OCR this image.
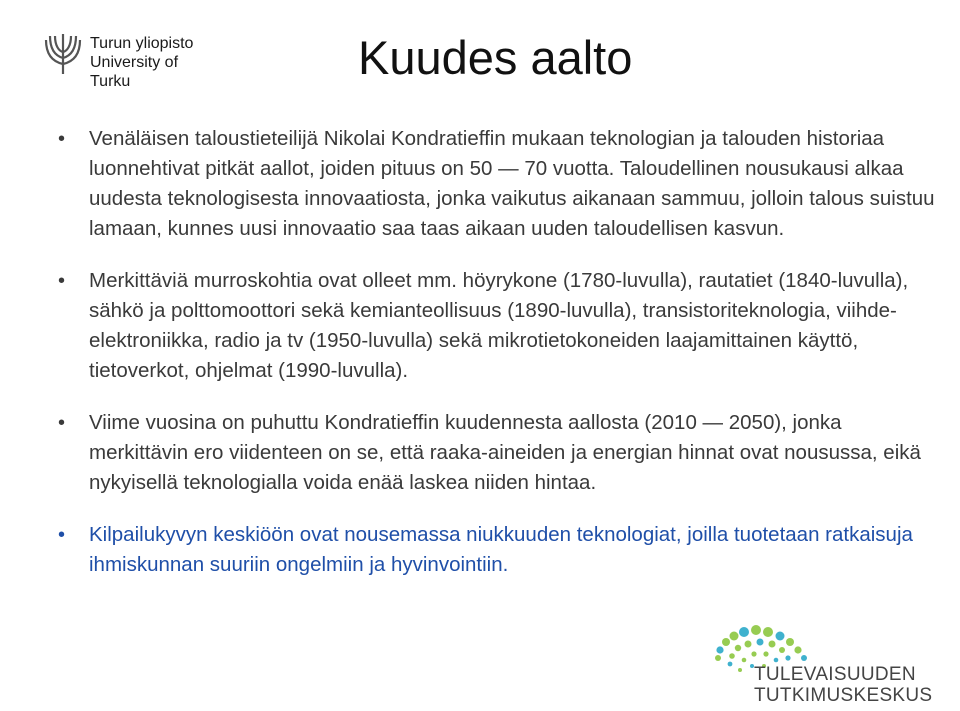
Turun yliopisto
University of Turku	Kuudes aalto
• Venäläisen taloustieteilijä Nikolai Kondratieffin mukaan teknologian ja talouden historiaa luonnehtivat pitkät aallot, joiden pituus on 50 — 70 vuotta. Taloudellinen nousukausi alkaa uudesta teknologisesta innovaatiosta, jonka vaikutus aikanaan sammuu, jolloin talous suistuu lamaan, kunnes uusi innovaatio saa taas aikaan uuden taloudellisen kasvun.
• Merkittäviä murroskohtia ovat olleet mm. höyrykone (1780-luvulla), rautatiet (1840-luvulla), sähkö ja polttomoottori sekä kemianteollisuus (1890-luvulla), transistoriteknologia, viihde-elektroniikka, radio ja tv (1950-luvulla) sekä mikrotietokoneiden laajamittainen käyttö, tietoverkot, ohjelmat (1990-luvulla).
• Viime vuosina on puhuttu Kondratieffin kuudennesta aallosta (2010 — 2050), jonka merkittävin ero viidenteen on se, että raaka-aineiden ja energian hinnat ovat nousussa, eikä nykyisellä teknologialla voida enää laskea niiden hintaa.
• Kilpailukyvyn keskiöön ovat nousemassa niukkuuden teknologiat, joilla tuotetaan ratkaisuja ihmiskunnan suuriin ongelmiin ja hyvinvointiin.
TULEVAISUUDEN
TUTKIMUSKESKUS
